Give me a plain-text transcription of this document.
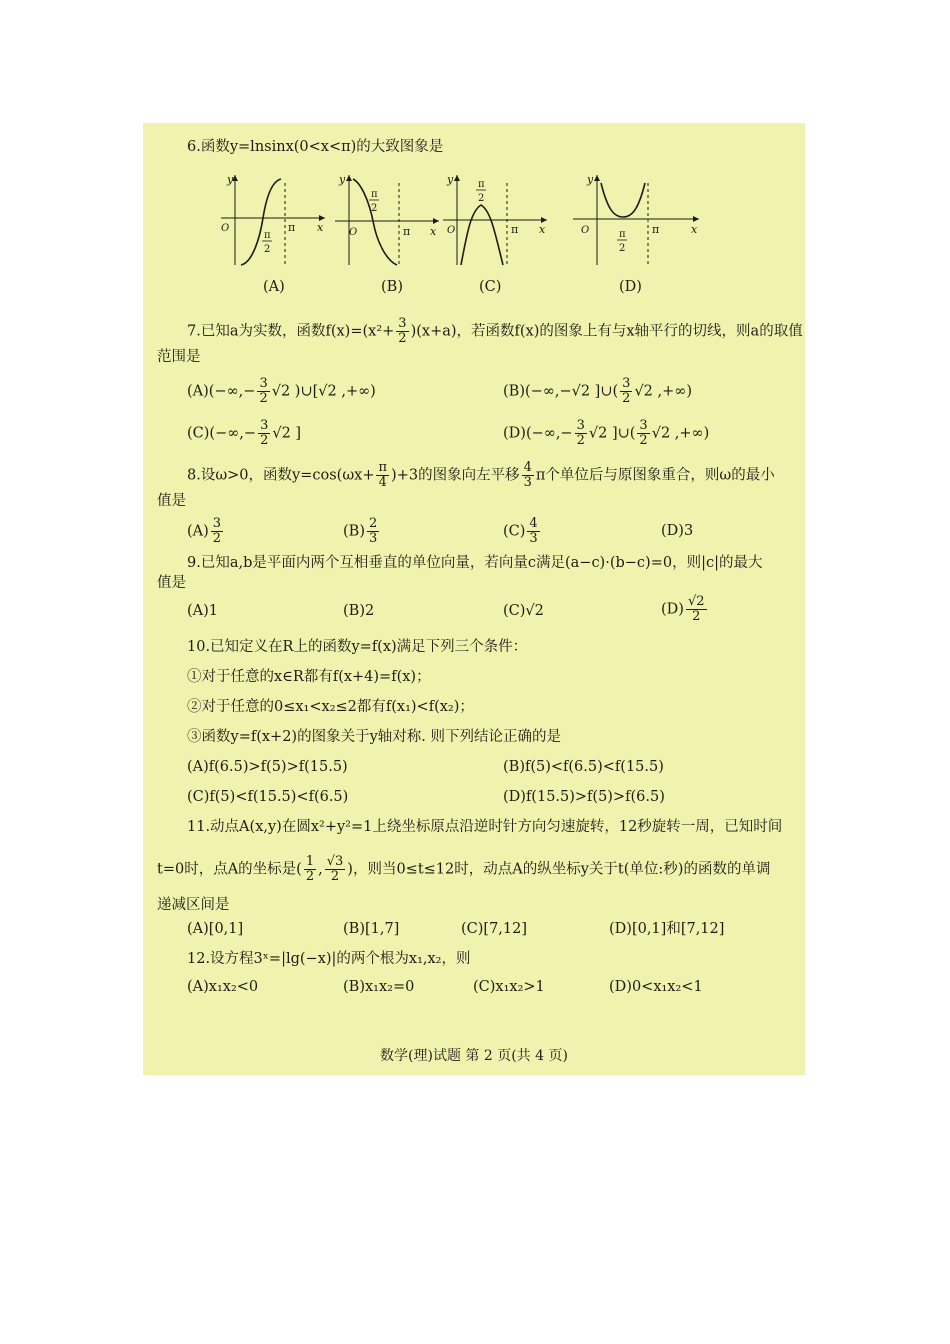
6.函数y=lnsinx(0<x<π)的大致图象是
y
O	π x
π
2
y
O	π x
π
2
y
O	π x
π
2
y
O	π	x
π
2
(A)	(B)	(C)	(D)
7.已知a为实数，函数$f(x)=(x^2+ \frac{3}{2} )(x+a)$，若函数f(x)的图象上有与x轴平行的切线，则a的取值
范围是
$(A)(-\infty,- \frac{3}{2} √2$ )∪[√2 ,+∞)	(B)(−∞,−√2 ]∪( $\frac{3}{2} √2$ ,+∞)
$(C)(-\infty,- \frac{3}{2} √2$ ]	$(D)(-\infty,- \frac{3}{2} √2$ ]∪( $\frac{3}{2} √2$ ,+∞)
8.设ω>0，函数$y=\cos(\omega x+ \frac{\pi}{4} )+3$的图象向左平移 $\frac{4}{3}$ π个单位后与原图象重合，则ω的最小
值是
$(A) \frac{3}{2}$	$(B) \frac{2}{3}$	$(C) \frac{4}{3}$	(D)3
9.已知a,b是平面内两个互相垂直的单位向量，若向量c满足(a−c)·(b−c)=0，则|c|的最大
值是
(A)1	(B)2	(C)√2	$(D) \frac{√2}{2}$
10.已知定义在R上的函数y=f(x)满足下列三个条件：
①对于任意的x∈R都有f(x+4)=f(x)；
②对于任意的0≤x₁<x₂≤2都有f(x₁)<f(x₂)；
③函数y=f(x+2)的图象关于y轴对称. 则下列结论正确的是
(A)f(6.5)>f(5)>f(15.5)	(B)f(5)<f(6.5)<f(15.5)
(C)f(5)<f(15.5)<f(6.5)	(D)f(15.5)>f(5)>f(6.5)
11.动点A(x,y)在圆x²+y²=1上绕坐标原点沿逆时针方向匀速旋转，12秒旋转一周，已知时间
t=0时，点A的坐标是( $\frac{1}{2}$ , $\frac{√3}{2}$ )，则当0≤t≤12时，动点A的纵坐标y关于t(单位:秒)的函数的单调
递减区间是
(A)[0,1]	(B)[1,7]	(C)[7,12]	(D)[0,1]和[7,12]
12.设方程3ˣ=|lg(−x)|的两个根为x₁,x₂，则
(A)x₁x₂<0	(B)x₁x₂=0	(C)x₁x₂>1	(D)0<x₁x₂<1
数学(理)试题 第 2 页(共 4 页)
